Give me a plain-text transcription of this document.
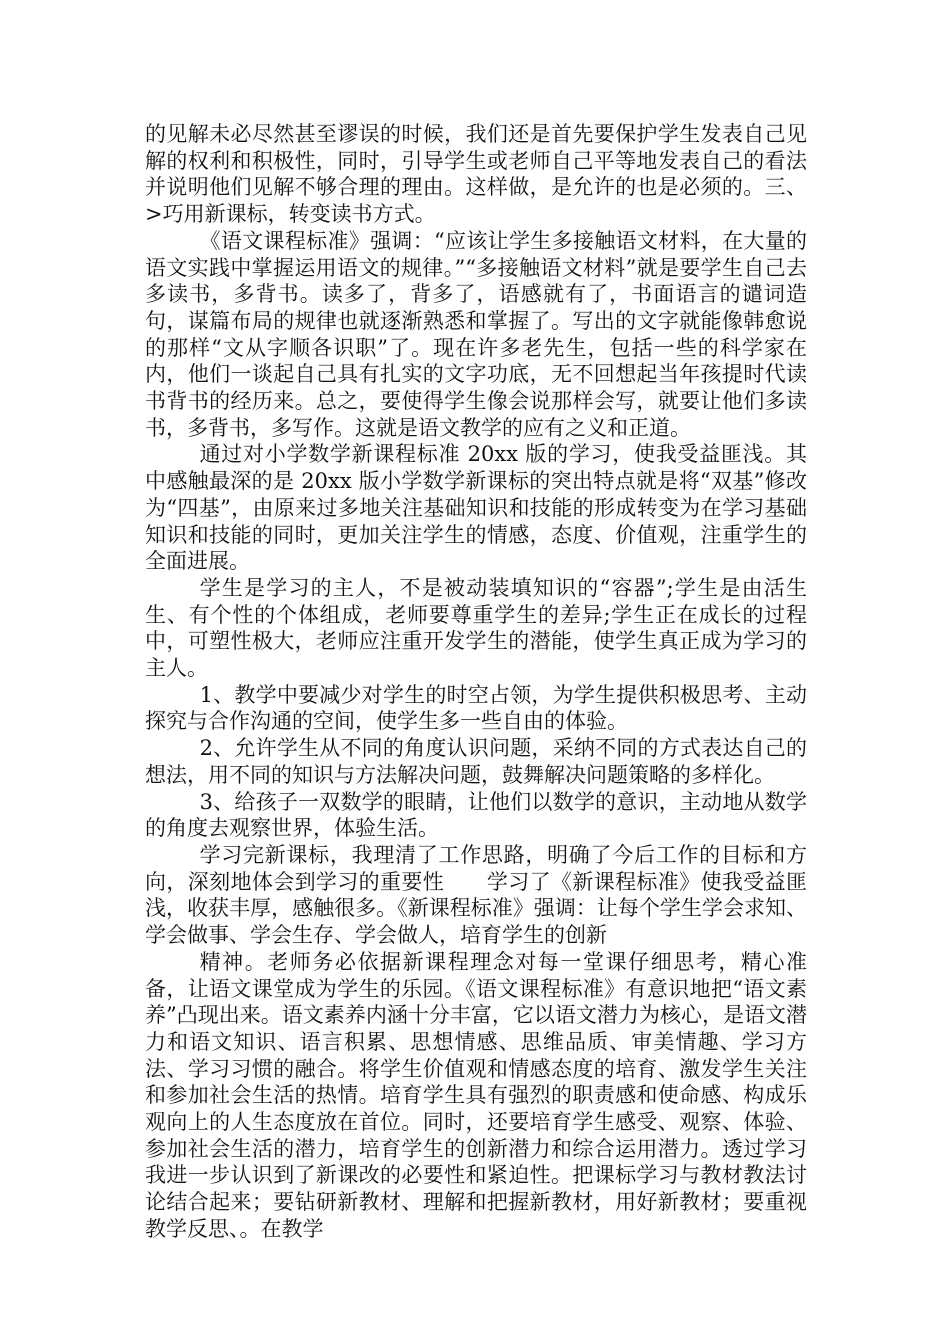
的见解未必尽然甚至谬误的时候，我们还是首先要保护学生发表自己见解的权利和积极性，同时，引导学生或老师自己平等地发表自己的看法并说明他们见解不够合理的理由。这样做，是允许的也是必须的。三、>巧用新课标，转变读书方式。

《语文课程标准》强调：“应该让学生多接触语文材料，在大量的语文实践中掌握运用语文的规律。”“多接触语文材料”就是要学生自己去多读书，多背书。读多了，背多了，语感就有了，书面语言的谴词造句，谋篇布局的规律也就逐渐熟悉和掌握了。写出的文字就能像韩愈说的那样“文从字顺各识职”了。现在许多老先生，包括一些的科学家在内，他们一谈起自己具有扎实的文字功底，无不回想起当年孩提时代读书背书的经历来。总之，要使得学生像会说那样会写，就要让他们多读书，多背书，多写作。这就是语文教学的应有之义和正道。

通过对小学数学新课程标准 20xx 版的学习，使我受益匪浅。其中感触最深的是 20xx 版小学数学新课标的突出特点就是将“双基”修改为“四基”，由原来过多地关注基础知识和技能的形成转变为在学习基础知识和技能的同时，更加关注学生的情感，态度、价值观，注重学生的全面进展。

学生是学习的主人，不是被动装填知识的“容器”;学生是由活生生、有个性的个体组成，老师要尊重学生的差异;学生正在成长的过程中，可塑性极大，老师应注重开发学生的潜能，使学生真正成为学习的主人。

1、教学中要减少对学生的时空占领，为学生提供积极思考、主动探究与合作沟通的空间，使学生多一些自由的体验。

2、允许学生从不同的角度认识问题，采纳不同的方式表达自己的想法，用不同的知识与方法解决问题，鼓舞解决问题策略的多样化。

3、给孩子一双数学的眼睛，让他们以数学的意识，主动地从数学的角度去观察世界，体验生活。

学习完新课标，我理清了工作思路，明确了今后工作的目标和方向，深刻地体会到学习的重要性　　学习了《新课程标准》使我受益匪浅，收获丰厚，感触很多。《新课程标准》强调：让每个学生学会求知、学会做事、学会生存、学会做人，培育学生的创新

精神。老师务必依据新课程理念对每一堂课仔细思考，精心准备，让语文课堂成为学生的乐园。《语文课程标准》有意识地把“语文素养”凸现出来。语文素养内涵十分丰富，它以语文潜力为核心，是语文潜力和语文知识、语言积累、思想情感、思维品质、审美情趣、学习方法、学习习惯的融合。将学生价值观和情感态度的培育、激发学生关注和参加社会生活的热情。培育学生具有强烈的职责感和使命感、构成乐观向上的人生态度放在首位。同时，还要培育学生感受、观察、体验、参加社会生活的潜力，培育学生的创新潜力和综合运用潜力。透过学习我进一步认识到了新课改的必要性和紧迫性。把课标学习与教材教法讨论结合起来；要钻研新教材、理解和把握新教材，用好新教材；要重视教学反思、。在教学
